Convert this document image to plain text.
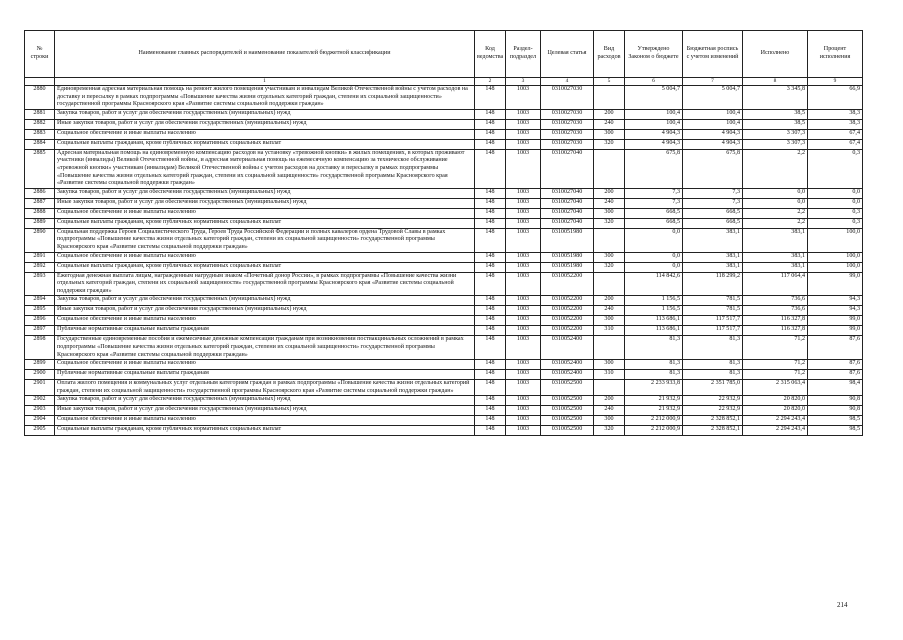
№ строки	Наименование главных распорядителей и наименование показателей бюджетной классификации	Код ведомства	Раздел-подраздел	Целевая статья	Вид расходов	Утверждено Законом о бюджете	Бюджетная роспись с учетом изменений	Исполнено	Процент исполнения
	1	2	3	4	5	6	7	8	9
2880	Единовременная адресная материальная помощь на ремонт жилого помещения участникам и инвалидам Великой Отечественной войны с учетом расходов на доставку и пересылку в рамках подпрограммы «Повышение качества жизни отдельных категорий граждан, степени их социальной защищенности» государственной программы Красноярского края «Развитие системы социальной поддержки граждан»	148	1003	0310027030		5 004,7	5 004,7	3 345,8	66,9
2881	Закупка товаров, работ и услуг для обеспечения государственных (муниципальных) нужд	148	1003	0310027030	200	100,4	100,4	38,5	38,3
2882	Иные закупки товаров, работ и услуг для обеспечения государственных (муниципальных) нужд	148	1003	0310027030	240	100,4	100,4	38,5	38,3
2883	Социальное обеспечение и иные выплаты населению	148	1003	0310027030	300	4 904,3	4 904,3	3 307,3	67,4
2884	Социальные выплаты гражданам, кроме публичных нормативных социальных выплат	148	1003	0310027030	320	4 904,3	4 904,3	3 307,3	67,4
2885	Адресная материальная помощь на единовременную компенсацию расходов на установку «тревожной кнопки» в жилых помещениях, в которых проживают участники (инвалиды) Великой Отечественной войны, и адресная материальная помощь на ежемесячную компенсацию за техническое обслуживание «тревожной кнопки» участникам (инвалидам) Великой Отечественной войны с учетом расходов на доставку и пересылку в рамках подпрограммы «Повышение качества жизни отдельных категорий граждан, степени их социальной защищенности» государственной программы Красноярского края «Развитие системы социальной поддержки граждан»	148	1003	0310027040		675,8	675,8	2,2	0,3
2886	Закупка товаров, работ и услуг для обеспечения государственных (муниципальных) нужд	148	1003	0310027040	200	7,3	7,3	0,0	0,0
2887	Иные закупки товаров, работ и услуг для обеспечения государственных (муниципальных) нужд	148	1003	0310027040	240	7,3	7,3	0,0	0,0
2888	Социальное обеспечение и иные выплаты населению	148	1003	0310027040	300	668,5	668,5	2,2	0,3
2889	Социальные выплаты гражданам, кроме публичных нормативных социальных выплат	148	1003	0310027040	320	668,5	668,5	2,2	0,3
2890	Социальная поддержка Героев Социалистического Труда, Героев Труда Российской Федерации и полных кавалеров ордена Трудовой Славы в рамках подпрограммы «Повышение качества жизни отдельных категорий граждан, степени их социальной защищенности» государственной программы Красноярского края «Развитие системы социальной поддержки граждан»	148	1003	0310051980		0,0	383,1	383,1	100,0
2891	Социальное обеспечение и иные выплаты населению	148	1003	0310051980	300	0,0	383,1	383,1	100,0
2892	Социальные выплаты гражданам, кроме публичных нормативных социальных выплат	148	1003	0310051980	320	0,0	383,1	383,1	100,0
2893	Ежегодная денежная выплата лицам, награжденным нагрудным знаком «Почетный донор России», в рамках подпрограммы «Повышение качества жизни отдельных категорий граждан, степени их социальной защищенности» государственной программы Красноярского края «Развитие системы социальной поддержки граждан»	148	1003	0310052200		114 842,6	118 299,2	117 064,4	99,0
2894	Закупка товаров, работ и услуг для обеспечения государственных (муниципальных) нужд	148	1003	0310052200	200	1 156,5	781,5	736,6	94,3
2895	Иные закупки товаров, работ и услуг для обеспечения государственных (муниципальных) нужд	148	1003	0310052200	240	1 156,5	781,5	736,6	94,3
2896	Социальное обеспечение и иные выплаты населению	148	1003	0310052200	300	113 686,1	117 517,7	116 327,8	99,0
2897	Публичные нормативные социальные выплаты гражданам	148	1003	0310052200	310	113 686,1	117 517,7	116 327,8	99,0
2898	Государственные единовременные пособия и ежемесячные денежные компенсации гражданам при возникновении поствакцинальных осложнений в рамках подпрограммы «Повышение качества жизни отдельных категорий граждан, степени их социальной защищенности» государственной программы Красноярского края «Развитие системы социальной поддержки граждан»	148	1003	0310052400		81,3	81,3	71,2	87,6
2899	Социальное обеспечение и иные выплаты населению	148	1003	0310052400	300	81,3	81,3	71,2	87,6
2900	Публичные нормативные социальные выплаты гражданам	148	1003	0310052400	310	81,3	81,3	71,2	87,6
2901	Оплата жилого помещения и коммунальных услуг отдельным категориям граждан в рамках подпрограммы «Повышение качества жизни отдельных категорий граждан, степени их социальной защищенности» государственной программы Красноярского края «Развитие системы социальной поддержки граждан»	148	1003	0310052500		2 233 933,8	2 351 785,0	2 315 063,4	98,4
2902	Закупка товаров, работ и услуг для обеспечения государственных (муниципальных) нужд	148	1003	0310052500	200	21 932,9	22 932,9	20 820,0	90,8
2903	Иные закупки товаров, работ и услуг для обеспечения государственных (муниципальных) нужд	148	1003	0310052500	240	21 932,9	22 932,9	20 820,0	90,8
2904	Социальное обеспечение и иные выплаты населению	148	1003	0310052500	300	2 212 000,9	2 328 852,1	2 294 243,4	98,5
2905	Социальные выплаты гражданам, кроме публичных нормативных социальных выплат	148	1003	0310052500	320	2 212 000,9	2 328 852,1	2 294 243,4	98,5
214
